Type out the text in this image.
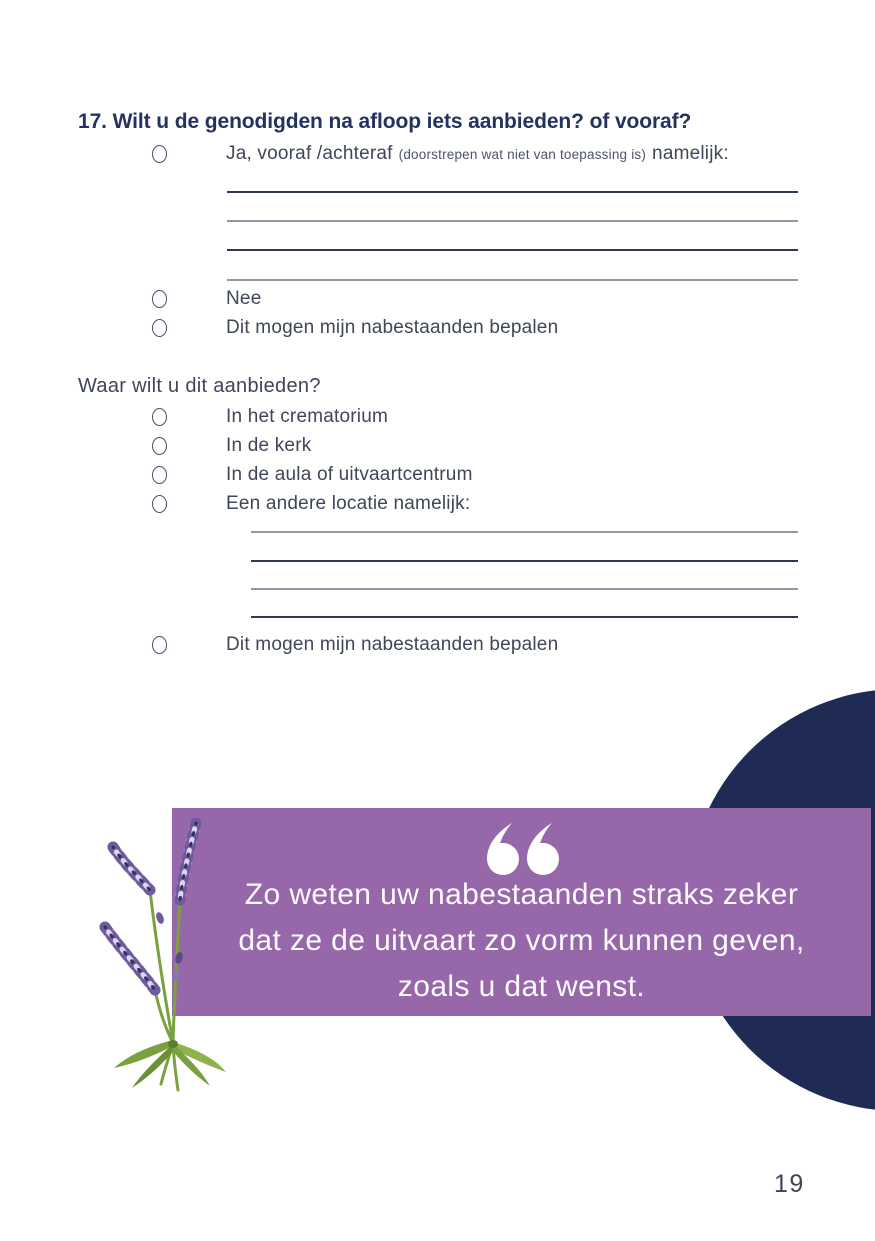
17. Wilt u de genodigden na afloop iets aanbieden? of vooraf?
Ja, vooraf /achteraf (doorstrepen wat niet van toepassing is) namelijk:
Nee
Dit mogen mijn nabestaanden bepalen
Waar wilt u dit aanbieden?
In het crematorium
In de kerk
In de aula of uitvaartcentrum
Een andere locatie namelijk:
Dit mogen mijn nabestaanden bepalen
Zo weten uw nabestaanden straks zeker
dat ze de uitvaart zo vorm kunnen geven,
zoals u dat wenst.
19
